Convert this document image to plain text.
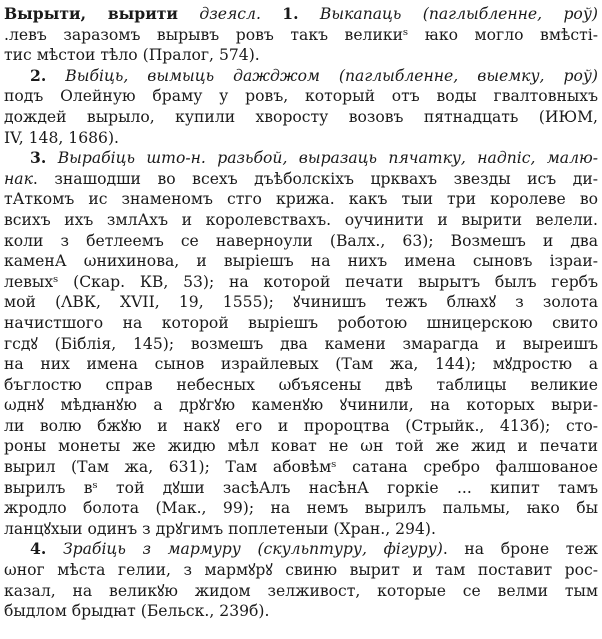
Вырыти, вырити дзеясл. 1. Выкапаць (паглыбленне, роў)
.левъ заразомъ вырывъ ровъ такъ великиˢ ꙗко могло вмѣстi-
тис мѣстои тѣло (Пралог, 574).
2. Выбіць, вымыць дажджом (паглыбленне, выемку, роў)
подъ Олейную браму у ровъ, который отъ воды гвалтовныхъ
дождей вырыло, купили хворосту возовъ пятнадцать (ИЮМ,
IV, 148, 1686).
3. Вырабіць што-н. разьбой, выразаць пячатку, надпіс, малю-
нак. знашодши во всехъ дъѣболскiхъ црквахъ звезды исъ ди-
тАткомъ ис знаменомъ стго крижа. какъ тыи три королеве во
всихъ ихъ змлАхъ и королевствахъ. оучинити и вырити велели.
коли з бетлеемъ се наверноули (Валх., 63); Возмешъ и два
каменА ωнихинова, и вырiешъ на нихъ имена сыновъ iзраи-
левыхˢ (Скар. КВ, 53); на которой печати вырытъ былъ гербъ
мой (ΛВК, XVII, 19, 1555); ꙋчинишъ тежъ блꙗхꙋ з золота
начистшого на которой вырiешъ роботою шницерскою свито
гсдꙋ (Біблія, 145); возмешъ два камени змарагда и выреишъ
на них имена сынов израйлевых (Там жа, 144); мꙋдростю а
бъглостю справ небесных ωбъясены двѣ таблицы великие
ωднꙋ мѣдꙗнꙋю а дрꙋгꙋю каменꙋю ꙋчинили, на которых выри-
ли волю бжꙋю и накꙋ его и пророцтва (Стрыйк., 413б); сто-
роны монеты же жидю мѣл коват не ωн той же жид и печати
вырил (Там жа, 631); Там абовѣмˢ сатана сребро фалшованое
вырилъ вˢ той дꙋши засѣАлъ насѣнА горкiе ... кипит тамъ
жродло болота (Мак., 99); на немъ вырилъ пальмы, ꙗко бы
ланцꙋхыи одинъ з дрꙋгимъ поплетеныи (Хран., 294).
4. Зрабіць з мармуру (скульптуру, фігуру). на броне теж
ωног мѣста гелии, з мармꙋрꙋ свиню вырит и там поставит рос-
казал, на великꙋю жидом зелживост, которые се велми тым
быдлом брыдꙗт (Бельск., 239б).
